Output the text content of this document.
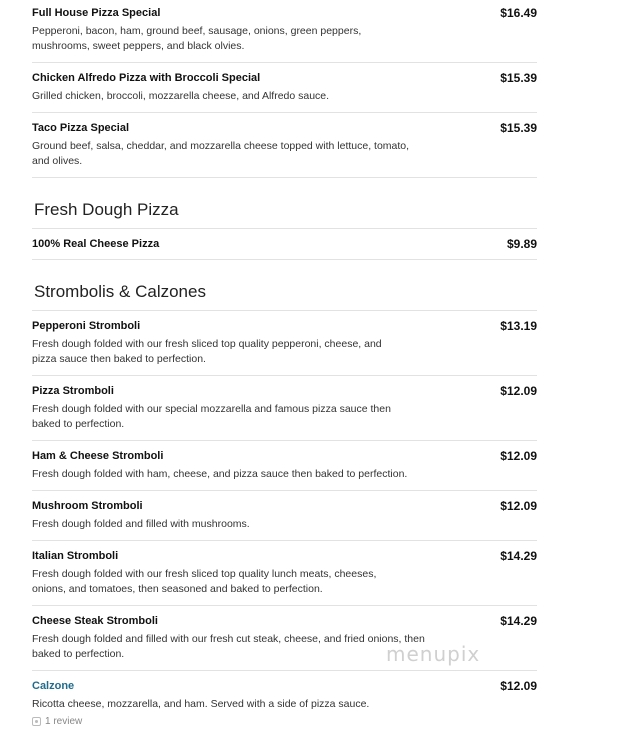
Full House Pizza Special	$16.49
Pepperoni, bacon, ham, ground beef, sausage, onions, green peppers, mushrooms, sweet peppers, and black olvies.
Chicken Alfredo Pizza with Broccoli Special	$15.39
Grilled chicken, broccoli, mozzarella cheese, and Alfredo sauce.
Taco Pizza Special	$15.39
Ground beef, salsa, cheddar, and mozzarella cheese topped with lettuce, tomato, and olives.
Fresh Dough Pizza
100% Real Cheese Pizza	$9.89
Strombolis & Calzones
Pepperoni Stromboli	$13.19
Fresh dough folded with our fresh sliced top quality pepperoni, cheese, and pizza sauce then baked to perfection.
Pizza Stromboli	$12.09
Fresh dough folded with our special mozzarella and famous pizza sauce then baked to perfection.
Ham & Cheese Stromboli	$12.09
Fresh dough folded with ham, cheese, and pizza sauce then baked to perfection.
Mushroom Stromboli	$12.09
Fresh dough folded and filled with mushrooms.
Italian Stromboli	$14.29
Fresh dough folded with our fresh sliced top quality lunch meats, cheeses, onions, and tomatoes, then seasoned and baked to perfection.
Cheese Steak Stromboli	$14.29
Fresh dough folded and filled with our fresh cut steak, cheese, and fried onions, then baked to perfection.
Calzone	$12.09
Ricotta cheese, mozzarella, and ham. Served with a side of pizza sauce.
1 review
menupix
